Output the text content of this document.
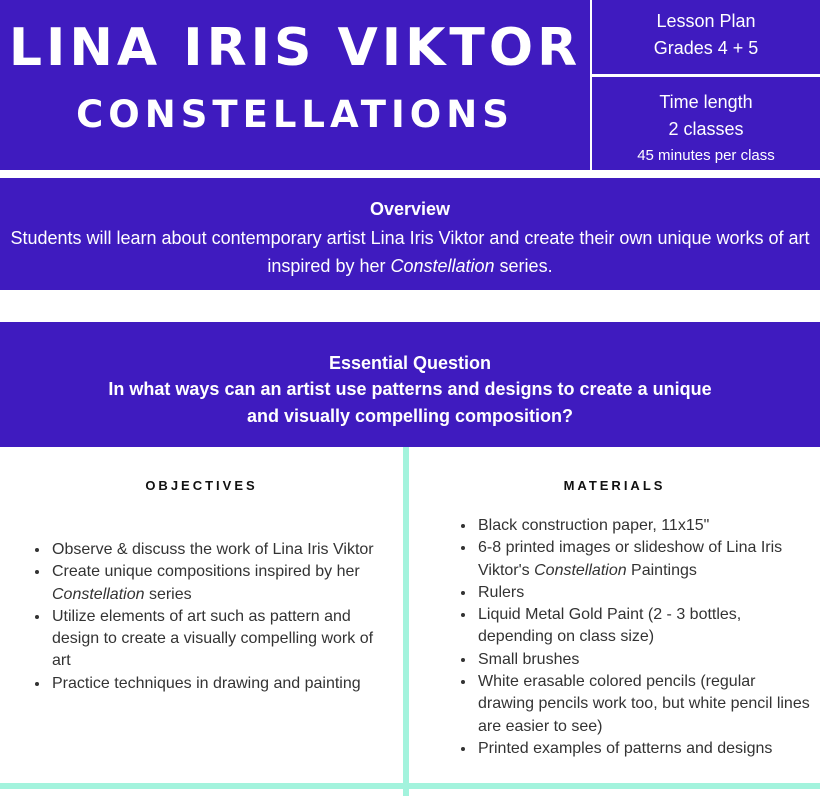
LINA IRIS VIKTOR
CONSTELLATIONS
Lesson Plan
Grades 4 + 5
Time length
2 classes
45 minutes per class
Overview

Students will learn about contemporary artist Lina Iris Viktor and create their own unique works of art inspired by her Constellation series.

Essential Question

In what ways can an artist use patterns and designs to create a unique

and visually compelling composition?

OBJECTIVES
• Observe & discuss the work of Lina Iris Viktor
• Create unique compositions inspired by her Constellation series
• Utilize elements of art such as pattern and design to create a visually compelling work of art
• Practice techniques in drawing and painting
MATERIALS
• Black construction paper, 11x15"
• 6-8 printed images or slideshow of Lina Iris Viktor's Constellation Paintings
• Rulers
• Liquid Metal Gold Paint (2 - 3 bottles, depending on class size)
• Small brushes
• White erasable colored pencils (regular drawing pencils work too, but white pencil lines are easier to see)
• Printed examples of patterns and designs
